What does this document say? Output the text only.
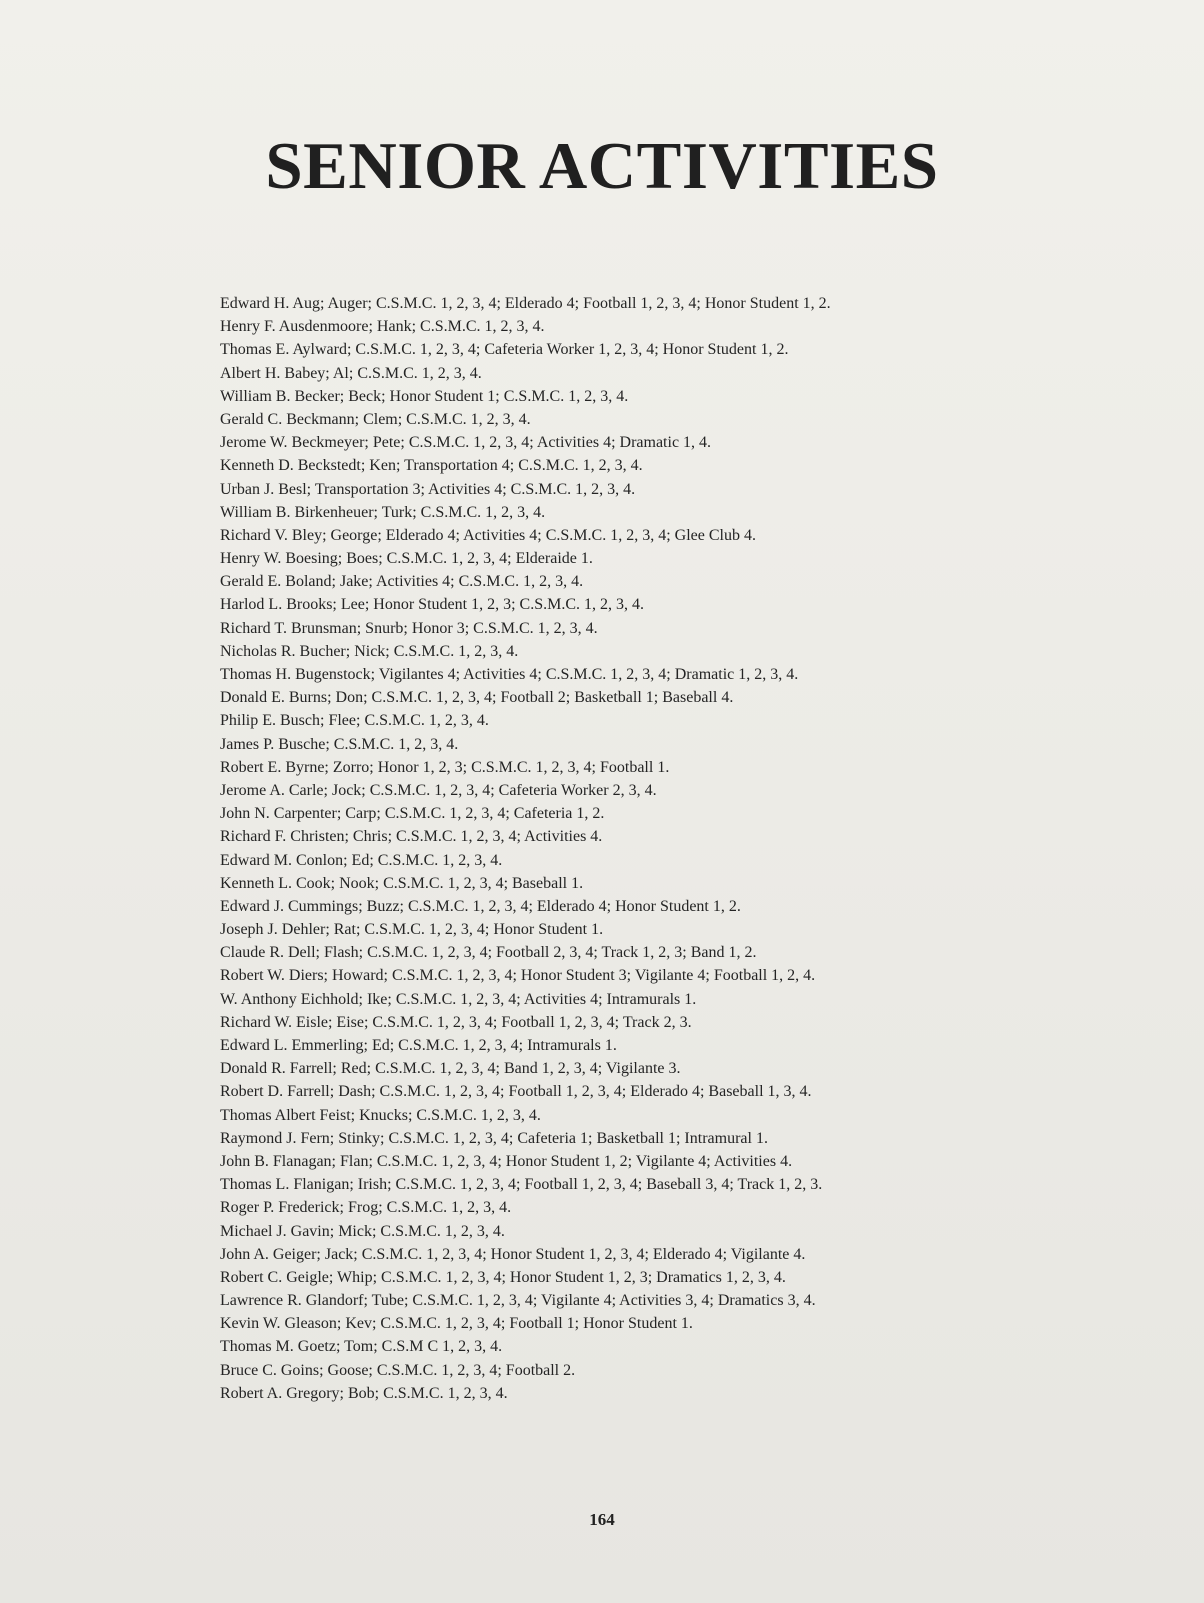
SENIOR ACTIVITIES
Edward H. Aug; Auger; C.S.M.C. 1, 2, 3, 4; Elderado 4; Football 1, 2, 3, 4; Honor Student 1, 2.
Henry F. Ausdenmoore; Hank; C.S.M.C. 1, 2, 3, 4.
Thomas E. Aylward; C.S.M.C. 1, 2, 3, 4; Cafeteria Worker 1, 2, 3, 4; Honor Student 1, 2.
Albert H. Babey; Al; C.S.M.C. 1, 2, 3, 4.
William B. Becker; Beck; Honor Student 1; C.S.M.C. 1, 2, 3, 4.
Gerald C. Beckmann; Clem; C.S.M.C. 1, 2, 3, 4.
Jerome W. Beckmeyer; Pete; C.S.M.C. 1, 2, 3, 4; Activities 4; Dramatic 1, 4.
Kenneth D. Beckstedt; Ken; Transportation 4; C.S.M.C. 1, 2, 3, 4.
Urban J. Besl; Transportation 3; Activities 4; C.S.M.C. 1, 2, 3, 4.
William B. Birkenheuer; Turk; C.S.M.C. 1, 2, 3, 4.
Richard V. Bley; George; Elderado 4; Activities 4; C.S.M.C. 1, 2, 3, 4; Glee Club 4.
Henry W. Boesing; Boes; C.S.M.C. 1, 2, 3, 4; Elderaide 1.
Gerald E. Boland; Jake; Activities 4; C.S.M.C. 1, 2, 3, 4.
Harlod L. Brooks; Lee; Honor Student 1, 2, 3; C.S.M.C. 1, 2, 3, 4.
Richard T. Brunsman; Snurb; Honor 3; C.S.M.C. 1, 2, 3, 4.
Nicholas R. Bucher; Nick; C.S.M.C. 1, 2, 3, 4.
Thomas H. Bugenstock; Vigilantes 4; Activities 4; C.S.M.C. 1, 2, 3, 4; Dramatic 1, 2, 3, 4.
Donald E. Burns; Don; C.S.M.C. 1, 2, 3, 4; Football 2; Basketball 1; Baseball 4.
Philip E. Busch; Flee; C.S.M.C. 1, 2, 3, 4.
James P. Busche; C.S.M.C. 1, 2, 3, 4.
Robert E. Byrne; Zorro; Honor 1, 2, 3; C.S.M.C. 1, 2, 3, 4; Football 1.
Jerome A. Carle; Jock; C.S.M.C. 1, 2, 3, 4; Cafeteria Worker 2, 3, 4.
John N. Carpenter; Carp; C.S.M.C. 1, 2, 3, 4; Cafeteria 1, 2.
Richard F. Christen; Chris; C.S.M.C. 1, 2, 3, 4; Activities 4.
Edward M. Conlon; Ed; C.S.M.C. 1, 2, 3, 4.
Kenneth L. Cook; Nook; C.S.M.C. 1, 2, 3, 4; Baseball 1.
Edward J. Cummings; Buzz; C.S.M.C. 1, 2, 3, 4; Elderado 4; Honor Student 1, 2.
Joseph J. Dehler; Rat; C.S.M.C. 1, 2, 3, 4; Honor Student 1.
Claude R. Dell; Flash; C.S.M.C. 1, 2, 3, 4; Football 2, 3, 4; Track 1, 2, 3; Band 1, 2.
Robert W. Diers; Howard; C.S.M.C. 1, 2, 3, 4; Honor Student 3; Vigilante 4; Football 1, 2, 4.
W. Anthony Eichhold; Ike; C.S.M.C. 1, 2, 3, 4; Activities 4; Intramurals 1.
Richard W. Eisle; Eise; C.S.M.C. 1, 2, 3, 4; Football 1, 2, 3, 4; Track 2, 3.
Edward L. Emmerling; Ed; C.S.M.C. 1, 2, 3, 4; Intramurals 1.
Donald R. Farrell; Red; C.S.M.C. 1, 2, 3, 4; Band 1, 2, 3, 4; Vigilante 3.
Robert D. Farrell; Dash; C.S.M.C. 1, 2, 3, 4; Football 1, 2, 3, 4; Elderado 4; Baseball 1, 3, 4.
Thomas Albert Feist; Knucks; C.S.M.C. 1, 2, 3, 4.
Raymond J. Fern; Stinky; C.S.M.C. 1, 2, 3, 4; Cafeteria 1; Basketball 1; Intramural 1.
John B. Flanagan; Flan; C.S.M.C. 1, 2, 3, 4; Honor Student 1, 2; Vigilante 4; Activities 4.
Thomas L. Flanigan; Irish; C.S.M.C. 1, 2, 3, 4; Football 1, 2, 3, 4; Baseball 3, 4; Track 1, 2, 3.
Roger P. Frederick; Frog; C.S.M.C. 1, 2, 3, 4.
Michael J. Gavin; Mick; C.S.M.C. 1, 2, 3, 4.
John A. Geiger; Jack; C.S.M.C. 1, 2, 3, 4; Honor Student 1, 2, 3, 4; Elderado 4; Vigilante 4.
Robert C. Geigle; Whip; C.S.M.C. 1, 2, 3, 4; Honor Student 1, 2, 3; Dramatics 1, 2, 3, 4.
Lawrence R. Glandorf; Tube; C.S.M.C. 1, 2, 3, 4; Vigilante 4; Activities 3, 4; Dramatics 3, 4.
Kevin W. Gleason; Kev; C.S.M.C. 1, 2, 3, 4; Football 1; Honor Student 1.
Thomas M. Goetz; Tom; C.S.M C 1, 2, 3, 4.
Bruce C. Goins; Goose; C.S.M.C. 1, 2, 3, 4; Football 2.
Robert A. Gregory; Bob; C.S.M.C. 1, 2, 3, 4.
164
